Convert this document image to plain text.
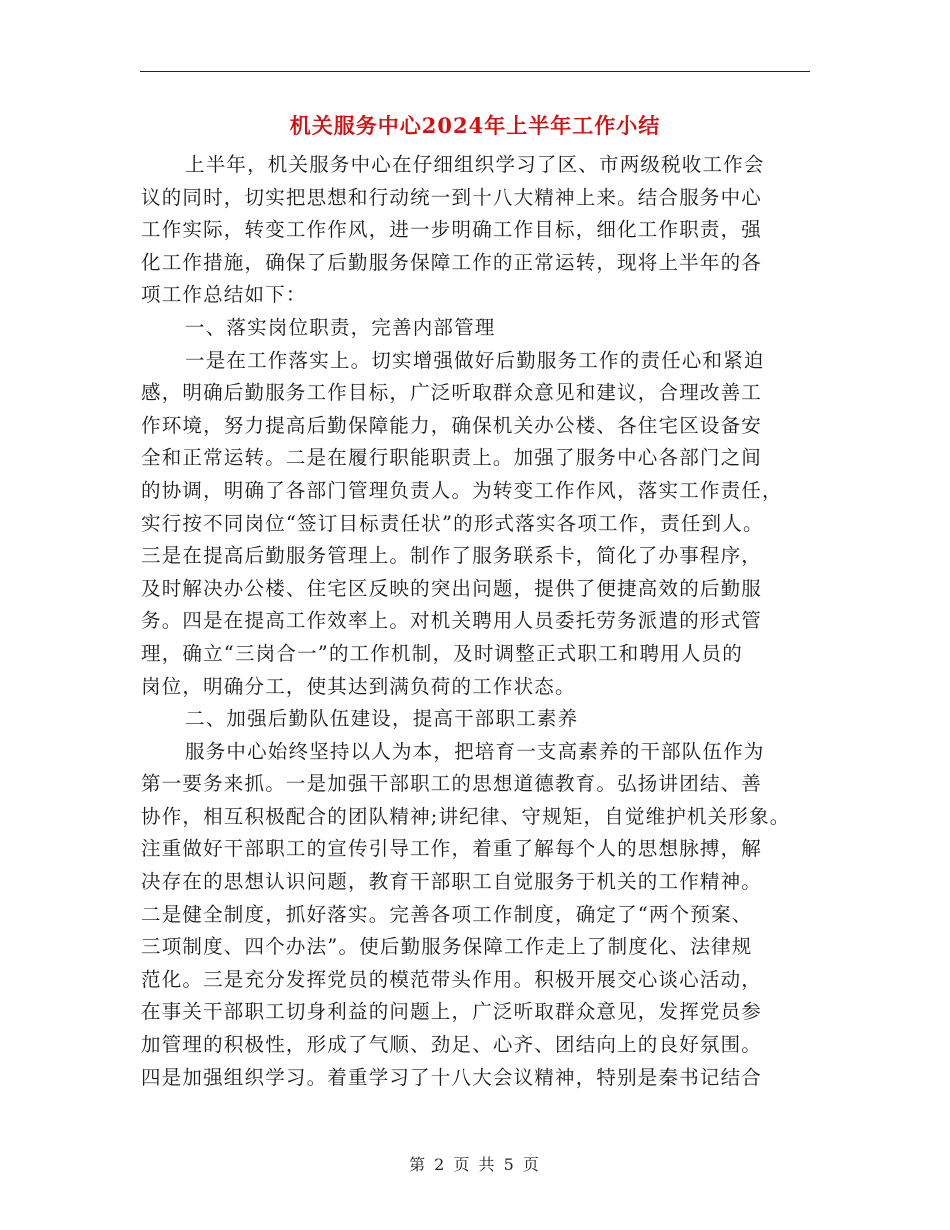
机关服务中心2024年上半年工作小结
上半年，机关服务中心在仔细组织学习了区、市两级税收工作会
议的同时，切实把思想和行动统一到十八大精神上来。结合服务中心
工作实际，转变工作作风，进一步明确工作目标，细化工作职责，强
化工作措施，确保了后勤服务保障工作的正常运转，现将上半年的各
项工作总结如下：
一、落实岗位职责，完善内部管理
一是在工作落实上。切实增强做好后勤服务工作的责任心和紧迫
感，明确后勤服务工作目标，广泛听取群众意见和建议，合理改善工
作环境，努力提高后勤保障能力，确保机关办公楼、各住宅区设备安
全和正常运转。二是在履行职能职责上。加强了服务中心各部门之间
的协调，明确了各部门管理负责人。为转变工作作风，落实工作责任，
实行按不同岗位“签订目标责任状”的形式落实各项工作，责任到人。
三是在提高后勤服务管理上。制作了服务联系卡，简化了办事程序，
及时解决办公楼、住宅区反映的突出问题，提供了便捷高效的后勤服
务。四是在提高工作效率上。对机关聘用人员委托劳务派遣的形式管
理，确立“三岗合一”的工作机制，及时调整正式职工和聘用人员的
岗位，明确分工，使其达到满负荷的工作状态。
二、加强后勤队伍建设，提高干部职工素养
服务中心始终坚持以人为本，把培育一支高素养的干部队伍作为
第一要务来抓。一是加强干部职工的思想道德教育。弘扬讲团结、善
协作，相互积极配合的团队精神;讲纪律、守规矩，自觉维护机关形象。
注重做好干部职工的宣传引导工作，着重了解每个人的思想脉搏，解
决存在的思想认识问题，教育干部职工自觉服务于机关的工作精神。
二是健全制度，抓好落实。完善各项工作制度，确定了“两个预案、
三项制度、四个办法”。使后勤服务保障工作走上了制度化、法律规
范化。三是充分发挥党员的模范带头作用。积极开展交心谈心活动，
在事关干部职工切身利益的问题上，广泛听取群众意见，发挥党员参
加管理的积极性，形成了气顺、劲足、心齐、团结向上的良好氛围。
四是加强组织学习。着重学习了十八大会议精神，特别是秦书记结合
第 2 页 共 5 页
